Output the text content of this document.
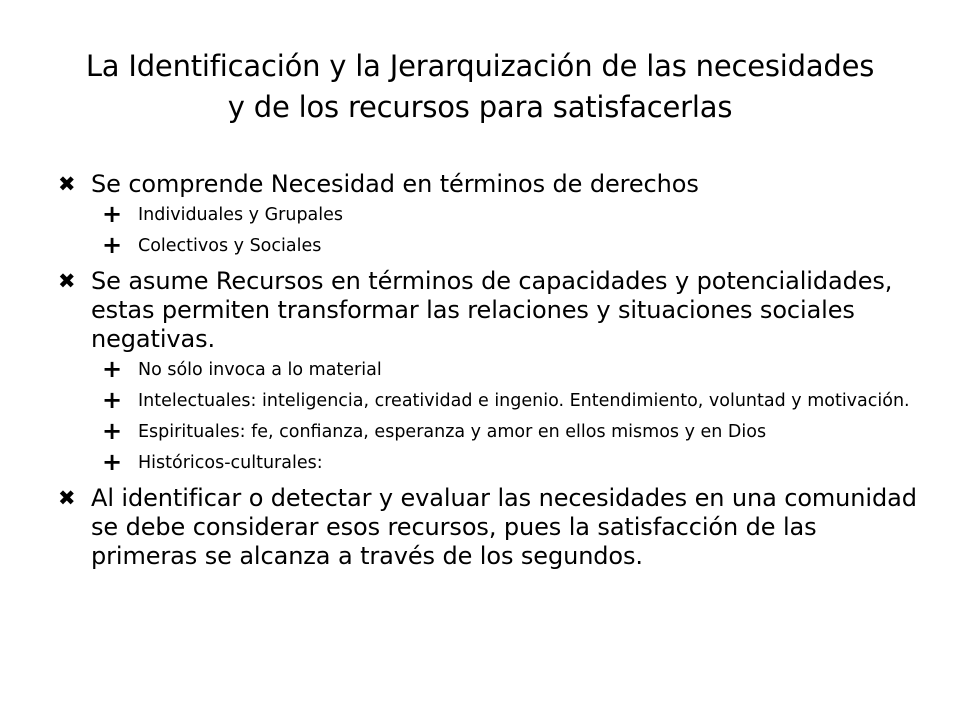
La Identificación y la Jerarquización de las necesidades
y de los recursos para satisfacerlas
✖ Se comprende Necesidad en términos de derechos
+ Individuales y Grupales
+ Colectivos y Sociales
✖ Se asume Recursos en términos de capacidades y potencialidades, estas permiten transformar las relaciones y situaciones sociales negativas.
+ No sólo invoca a lo material
+ Intelectuales: inteligencia, creatividad e ingenio. Entendimiento, voluntad y motivación.
+ Espirituales: fe, confianza, esperanza y amor en ellos mismos y en Dios
+ Históricos-culturales:
✖ Al identificar o detectar y evaluar las necesidades en una comunidad se debe considerar esos recursos, pues la satisfacción de las primeras se alcanza a través de los segundos.
